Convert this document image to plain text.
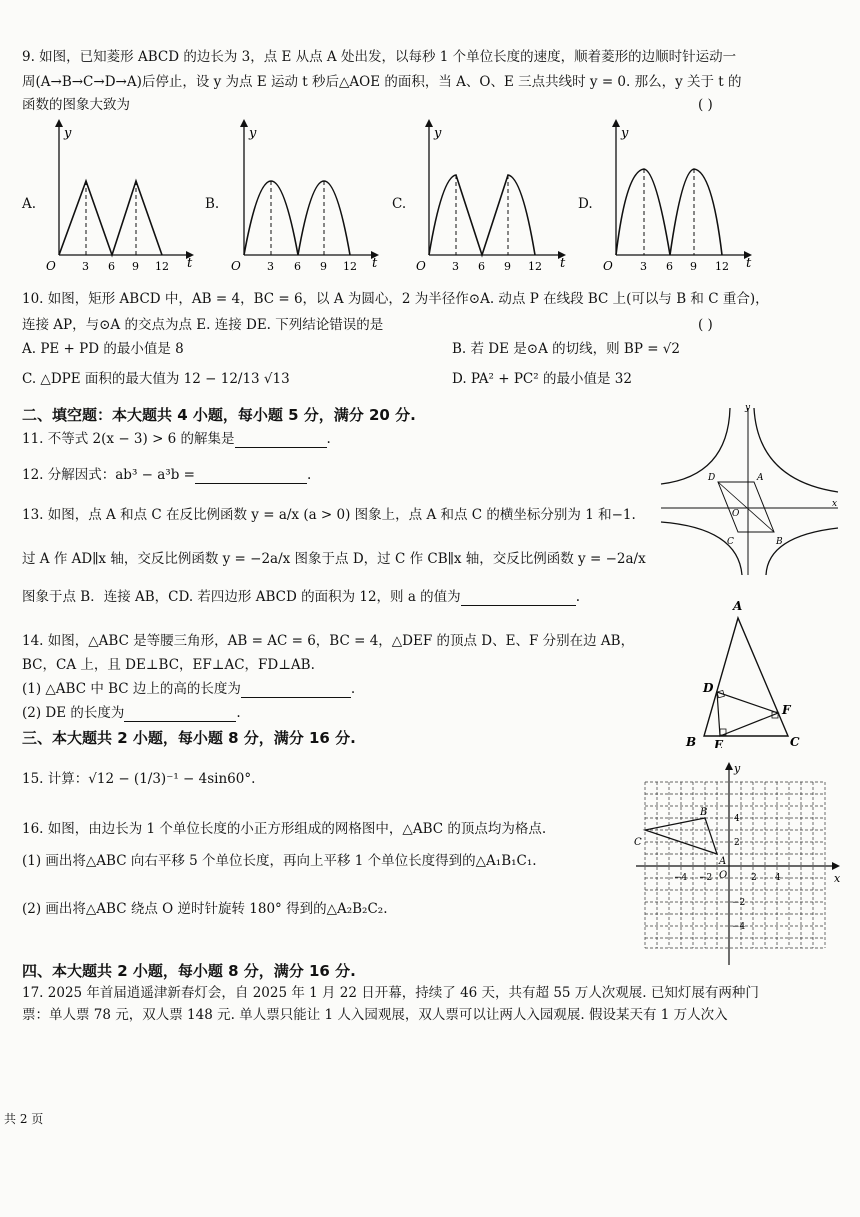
9. 如图，已知菱形 ABCD 的边长为 3，点 E 从点 A 处出发，以每秒 1 个单位长度的速度，顺着菱形的边顺时针运动一
周(A→B→C→D→A)后停止，设 y 为点 E 运动 t 秒后△AOE 的面积，当 A、O、E 三点共线时 y = 0. 那么，y 关于 t 的
函数的图象大致为	( )
A.
y
t
O 3 6 9 12
B.
y
t
O 3 6 9 12
C.
y
t
O 3 6 9 12
D.
y
t
O 3 6 9 12
10. 如图，矩形 ABCD 中，AB = 4，BC = 6，以 A 为圆心，2 为半径作⊙A. 动点 P 在线段 BC 上(可以与 B 和 C 重合)，
连接 AP，与⊙A 的交点为点 E. 连接 DE. 下列结论错误的是	( )
A. PE + PD 的最小值是 8	B. 若 DE 是⊙A 的切线，则 BP = √2
C. △DPE 面积的最大值为 12 − 12/13 √13	D. PA² + PC² 的最小值是 32
二、填空题：本大题共 4 小题，每小题 5 分，满分 20 分.
11. 不等式 2(x − 3) > 6 的解集是	.
12. 分解因式：ab³ − a³b =	.
13. 如图，点 A 和点 C 在反比例函数 y = a/x (a > 0) 图象上，点 A 和点 C 的横坐标分别为 1 和−1.
过 A 作 AD∥x 轴，交反比例函数 y = −2a/x 图象于点 D，过 C 作 CB∥x 轴，交反比例函数 y = −2a/x
图象于点 B．连接 AB，CD. 若四边形 ABCD 的面积为 12，则 a 的值为	.
y
x
O
A
D
C	B
14. 如图，△ABC 是等腰三角形，AB = AC = 6，BC = 4，△DEF 的顶点 D、E、F 分别在边 AB，
BC，CA 上，且 DE⊥BC，EF⊥AC，FD⊥AB.
(1) △ABC 中 BC 边上的高的长度为	.
(2) DE 的长度为	.
A
B	C
D
E
F
三、本大题共 2 小题，每小题 8 分，满分 16 分.
15. 计算：√12 − (1/3)⁻¹ − 4sin60°.
16. 如图，由边长为 1 个单位长度的小正方形组成的网格图中，△ABC 的顶点均为格点.
(1) 画出将△ABC 向右平移 5 个单位长度，再向上平移 1 个单位长度得到的△A₁B₁C₁.
(2) 画出将△ABC 绕点 O 逆时针旋转 180° 得到的△A₂B₂C₂.
y
x
O
A
B
C
−4 −2	2 4
4
2
−2
−4
四、本大题共 2 小题，每小题 8 分，满分 16 分.
17. 2025 年首届逍遥津新春灯会，自 2025 年 1 月 22 日开幕，持续了 46 天，共有超 55 万人次观展. 已知灯展有两种门
票：单人票 78 元，双人票 148 元. 单人票只能让 1 人入园观展，双人票可以让两人入园观展. 假设某天有 1 万人次入
共 2 页
